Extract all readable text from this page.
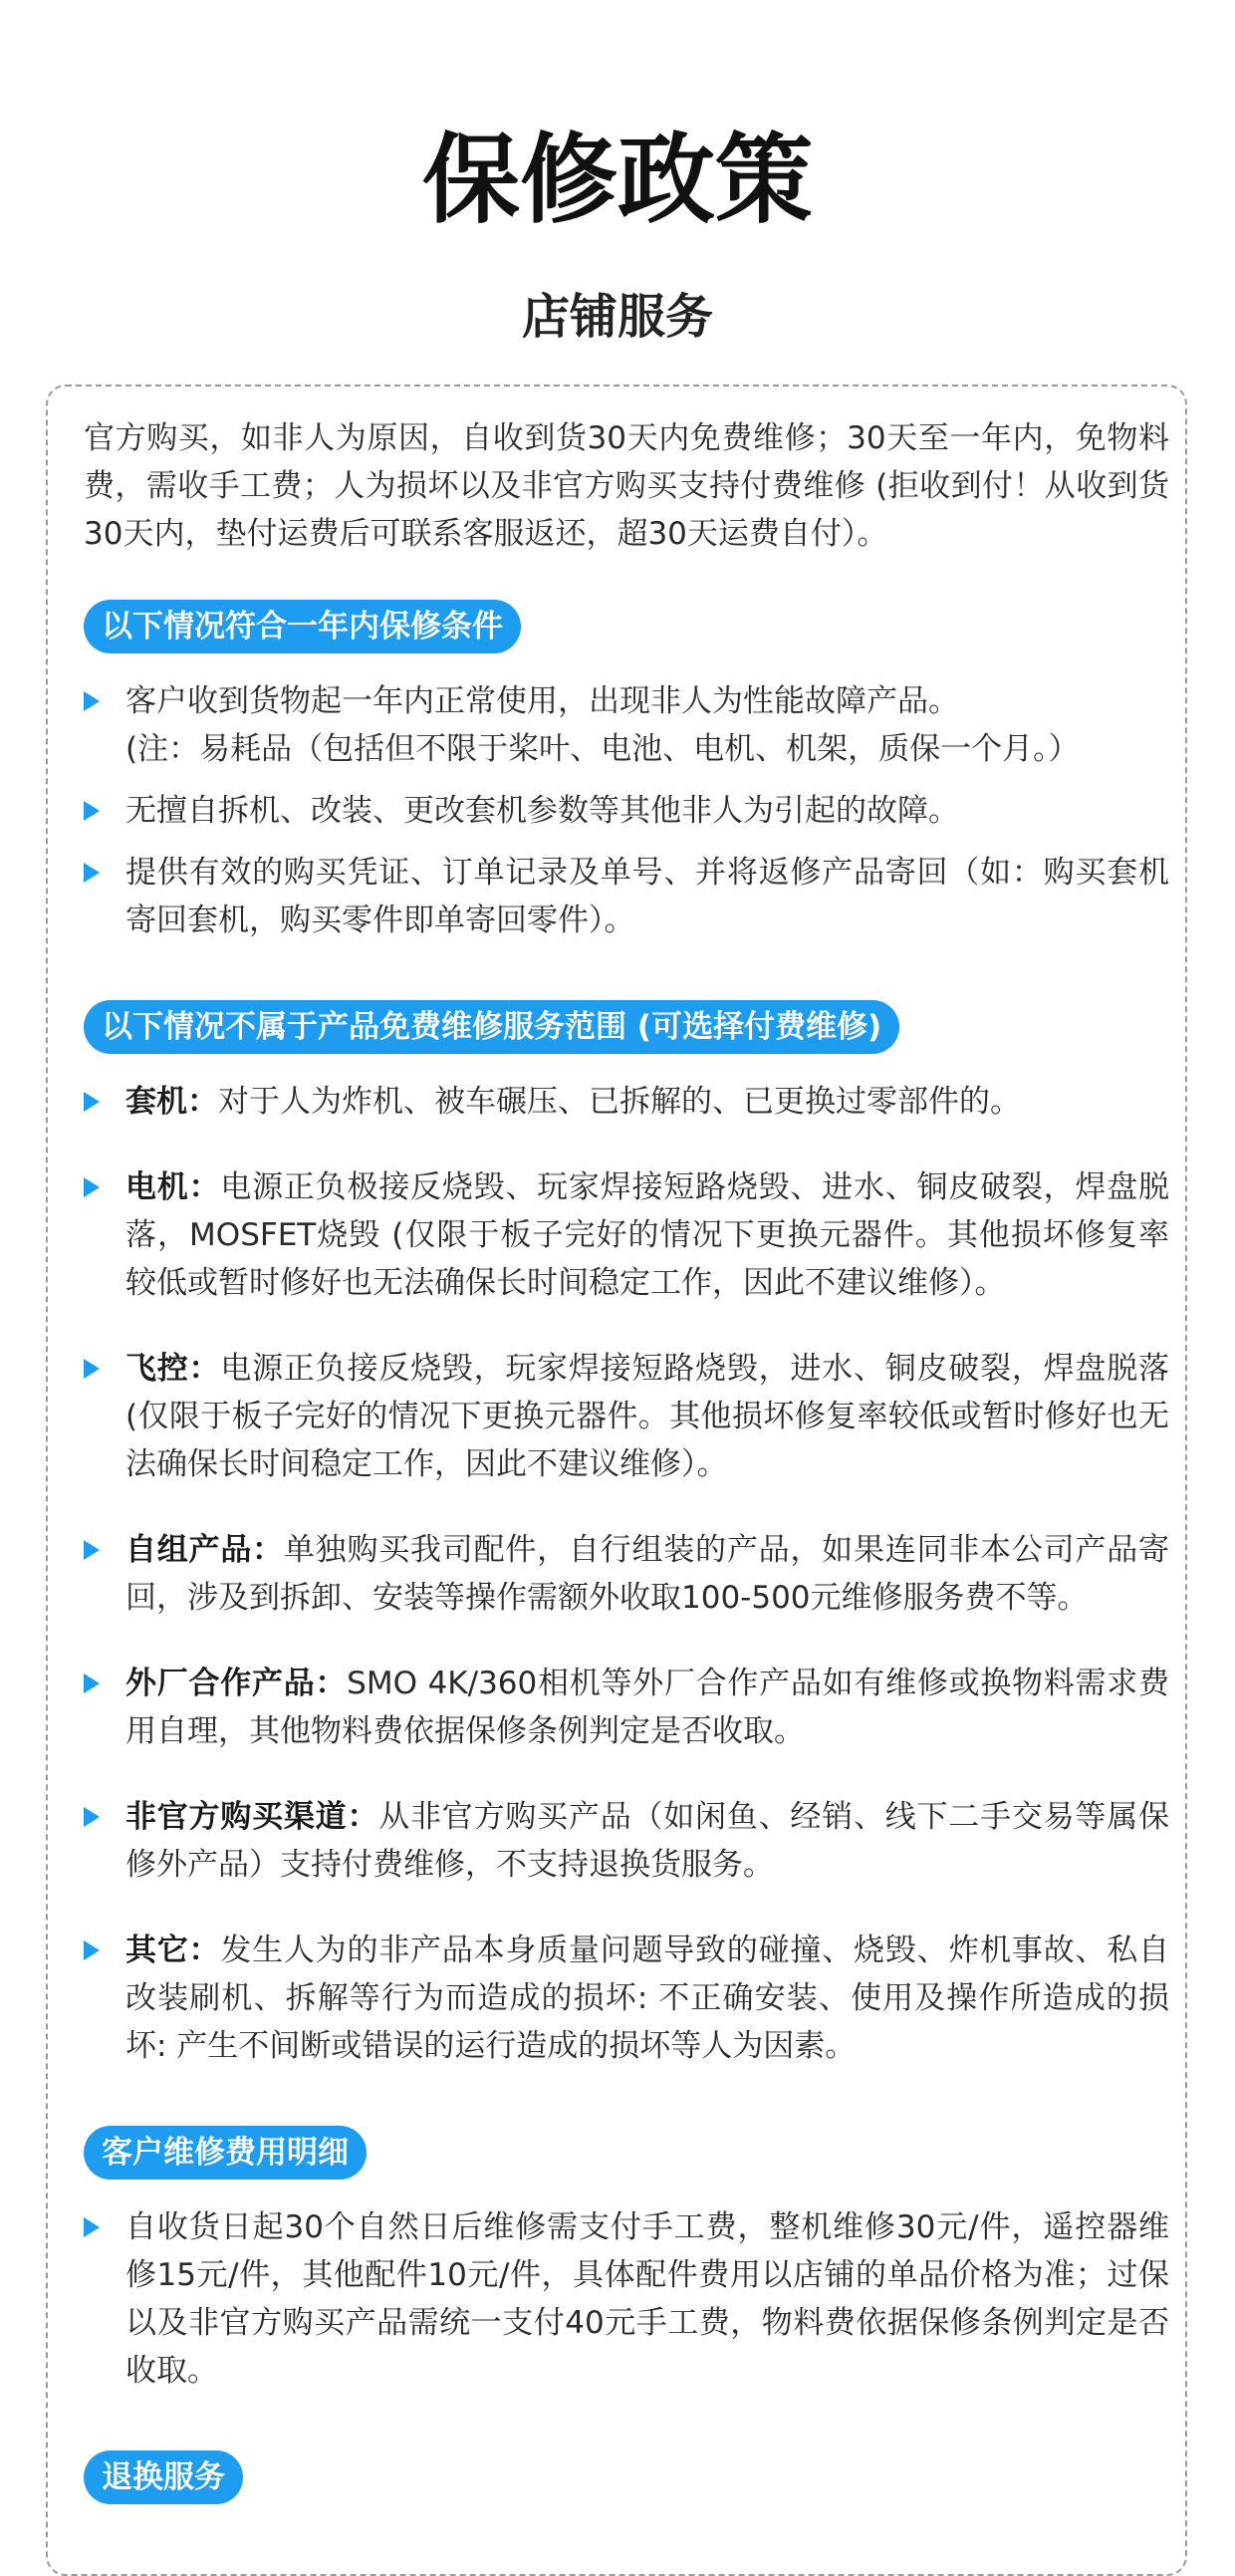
保修政策
店铺服务

官方购买，如非人为原因，自收到货30天内免费维修；30天至一年内，免物料费，需收手工费；人为损坏以及非官方购买支持付费维修 (拒收到付！从收到货30天内，垫付运费后可联系客服返还，超30天运费自付）。

以下情况符合一年内保修条件
客户收到货物起一年内正常使用，出现非人为性能故障产品。
(注：易耗品（包括但不限于桨叶、电池、电机、机架，质保一个月。）
无擅自拆机、改装、更改套机参数等其他非人为引起的故障。
提供有效的购买凭证、订单记录及单号、并将返修产品寄回（如：购买套机寄回套机，购买零件即单寄回零件）。
以下情况不属于产品免费维修服务范围 (可选择付费维修)
套机：对于人为炸机、被车碾压、已拆解的、已更换过零部件的。
电机：电源正负极接反烧毁、玩家焊接短路烧毁、进水、铜皮破裂，焊盘脱落，MOSFET烧毁 (仅限于板子完好的情况下更换元器件。其他损坏修复率较低或暂时修好也无法确保长时间稳定工作，因此不建议维修）。
飞控：电源正负接反烧毁，玩家焊接短路烧毁，进水、铜皮破裂，焊盘脱落 (仅限于板子完好的情况下更换元器件。其他损坏修复率较低或暂时修好也无法确保长时间稳定工作，因此不建议维修）。
自组产品：单独购买我司配件，自行组装的产品，如果连同非本公司产品寄回，涉及到拆卸、安装等操作需额外收取100-500元维修服务费不等。
外厂合作产品：SMO 4K/360相机等外厂合作产品如有维修或换物料需求费用自理，其他物料费依据保修条例判定是否收取。
非官方购买渠道：从非官方购买产品（如闲鱼、经销、线下二手交易等属保修外产品）支持付费维修，不支持退换货服务。
其它：发生人为的非产品本身质量问题导致的碰撞、烧毁、炸机事故、私自改装刷机、拆解等行为而造成的损坏: 不正确安装、使用及操作所造成的损坏: 产生不间断或错误的运行造成的损坏等人为因素。
客户维修费用明细
自收货日起30个自然日后维修需支付手工费，整机维修30元/件，遥控器维修15元/件，其他配件10元/件，具体配件费用以店铺的单品价格为准；过保以及非官方购买产品需统一支付40元手工费，物料费依据保修条例判定是否收取。
退换服务
